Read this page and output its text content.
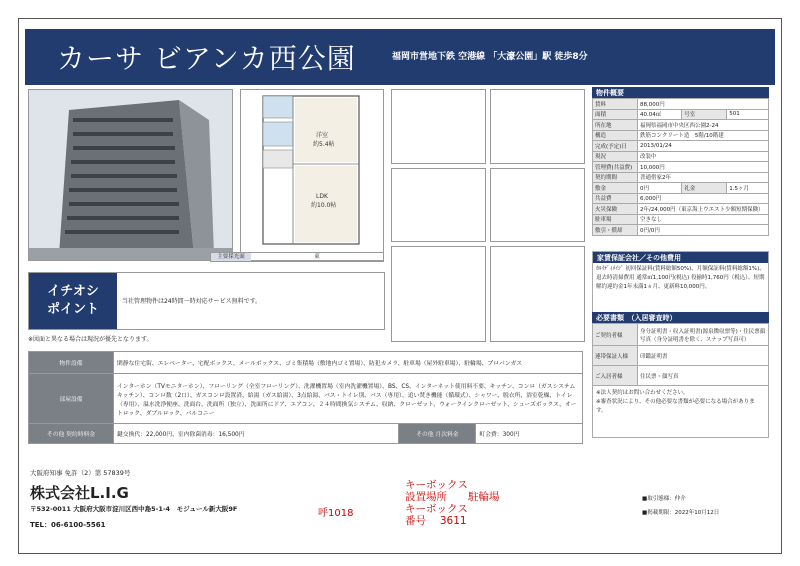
カーサ ビアンカ西公園	福岡市営地下鉄 空港線 「大濠公園」駅 徒歩8分
洋室
約5.4帖
LDK
約10.0帖
主要採光面	東
イチオシ
ポイント
当社管理物件は24時間一時対応サービス無料です。
※図面と異なる場合は現況が優先となります。
物件設備	閑静な住宅街、エレベーター、宅配ボックス、メールボックス、ゴミ集積場（敷地内ゴミ置場）、防犯カメラ、駐車場（屋外駐車場）、駐輪場、プロパンガス		
部屋設備	インターホン（TVモニターホン）、フローリング（全室フローリング）、洗濯機置場（室内洗濯機置場）、BS、CS、インターネット使用料不要、キッチン、コンロ（ガスシステムキッチン）、コンロ数（2口）、ガスコンロ設置済、給湯（ガス給湯）、3点給湯、バス・トイレ別、バス（専用）、追い焚き機能（循環式）、シャワー、脱衣所、浴室乾燥、トイレ（専用）、温水洗浄便座、洗面台、洗面所（独立）、洗面所にドア、エアコン、２４時間換気システム、収納、クローゼット、ウォークインクローゼット、シューズボックス、オートロック、ダブルロック、バルコニー		
その他 契約時料金	鍵交換代：22,000円、室内除菌消毒：16,500円	その他 月次料金	町会費：300円
物件概要
賃料	88,000円		
面積	40.04㎡	号室	501
所在地	福岡県福岡市中央区西公園2-24		
構造	鉄筋コンクリート造　5階/10階建		
完成(予定)日	2013/01/24		
現況	改装中		
管理費(共益費)	10,000円		
契約期間	普通借家2年		
敷金	0円	礼金	1.5ヶ月
共益費	6,000円		
火災保険	2年/24,000円（東京海上ウエスト少額短期保険）		
駐車場	空きなし		
敷引・償却	0円/0円		
家賃保証会社／その他費用
ｶﾙｲﾃﾞｨﾒｲｼﾞ 初回保証料(賃料総額50%)、月額保証料(賃料総額1%)、退去時清掃費用 通常㎡1,100円(税込) 役揃時1,760円（税込）、短期解約違約金1年未満1ヵ月、更新料10,000円。
必要書類　（入居審査時）
ご契約者様	身分証明書・収入証明書(源泉徴収票等)・住民票顔写真（身分証明書を除く、スナップ写真可）
連帯保証人様	印鑑証明書
ご入居者様	住民票・顔写真
※法人契約はお問い合わせください。
※審査状況により、その他必要な書類が必要になる場合があります。
大阪府知事 免許（2）第 57839号
株式会社L.I.G
〒532-0011 大阪府大阪市淀川区西中島5-1-4　モジュール新大阪9F
TEL：06-6100-5561
呼1018
キーボックス
設置場所　　駐輪場
キーボックス
番号　 3611
■取引態様：仲介
■掲載期限：2022年10月12日
